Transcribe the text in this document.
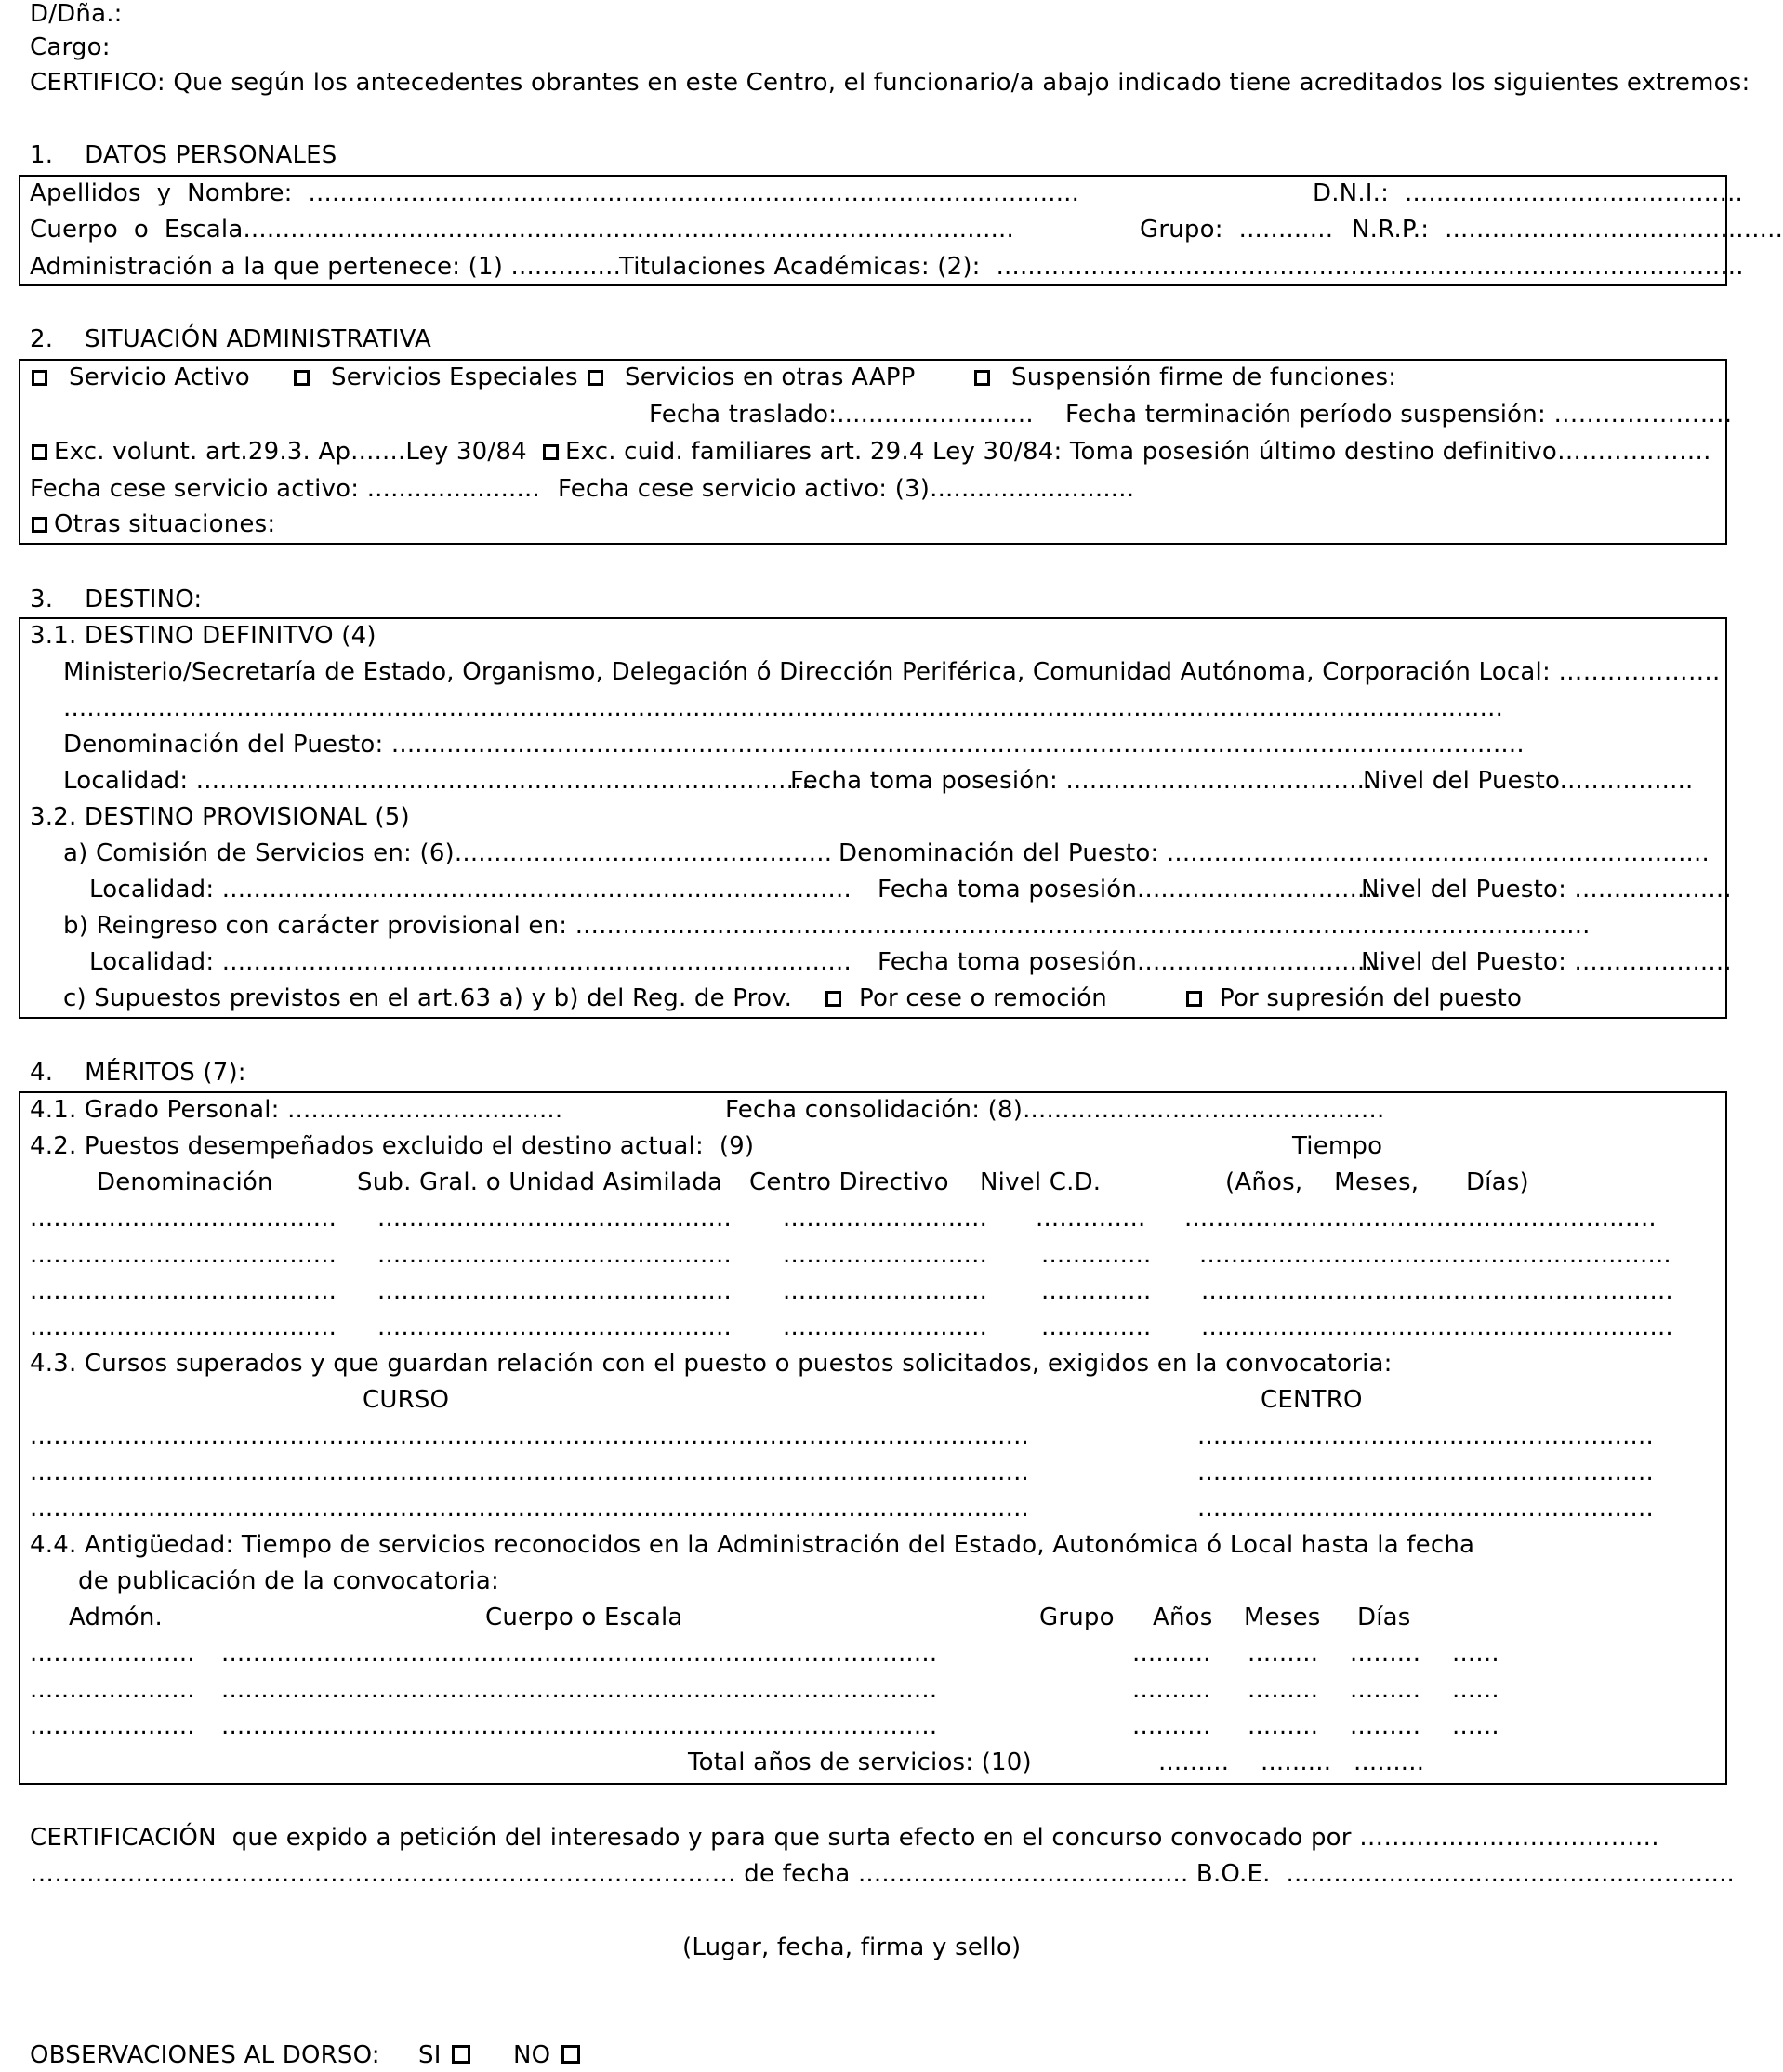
D/Dña.:
Cargo:
CERTIFICO: Que según los antecedentes obrantes en este Centro, el funcionario/a abajo indicado tiene acreditados los siguientes extremos:
1.    DATOS PERSONALES
Apellidos  y  Nombre:  ..................................................................................................	D.N.I.:  ...........................................
Cuerpo  o  Escala..................................................................................................	Grupo:  ............ N.R.P.:  ...........................................
Administración a la que pertenece: (1) ..............
Titulaciones Académicas: (2):  ...............................................................................................
2.    SITUACIÓN ADMINISTRATIVA
Servicio Activo	Servicios Especiales Servicios en otras AAPP	Suspensión firme de funciones:
Fecha traslado:......................... Fecha terminación período suspensión: ………………….
Exc. volunt. art.29.3. Ap.......Ley 30/84 Exc. cuid. familiares art. 29.4 Ley 30/84: Toma posesión último destino definitivo……………….
Fecha cese servicio activo: ...................... Fecha cese servicio activo: (3)..........................
Otras situaciones:
3.    DESTINO:
3.1. DESTINO DEFINITVO (4)
Ministerio/Secretaría de Estado, Organismo, Delegación ó Dirección Periférica, Comunidad Autónoma, Corporación Local: ……….……….
.......................................................................................................................................................................................
Denominación del Puesto: ................................................................................................................................................
Localidad: ...............................................................................
Fecha toma posesión: ........................................
Nivel del Puesto.................
3.2. DESTINO PROVISIONAL (5)
a) Comisión de Servicios en: (6)................................................ Denominación del Puesto: .....................................................................
Localidad: ................................................................................ Fecha toma posesión...............................
Nivel del Puesto: ....................
b) Reingreso con carácter provisional en: .................................................................................................................................
Localidad: ................................................................................ Fecha toma posesión...............................
Nivel del Puesto: ....................
c) Supuestos previstos en el art.63 a) y b) del Reg. de Prov.	Por cese o remoción	Por supresión del puesto
4.    MÉRITOS (7):
4.1. Grado Personal: ...................................	Fecha consolidación: (8)..............................................
4.2. Puestos desempeñados excluido el destino actual:  (9)	Tiempo
Denominación	Sub. Gral. o Unidad Asimilada Centro Directivo Nivel C.D.	(Años,    Meses,      Días)
....................................... ............................................. .......................... .............. ............................................................
....................................... ............................................. .......................... .............. ............................................................
....................................... ............................................. .......................... .............. ............................................................
....................................... ............................................. .......................... .............. ............................................................
4.3. Cursos superados y que guardan relación con el puesto o puestos solicitados, exigidos en la convocatoria:
CURSO	CENTRO
...............................................................................................................................	..........................................................
...............................................................................................................................	..........................................................
...............................................................................................................................	..........................................................
4.4. Antigüedad: Tiempo de servicios reconocidos en la Administración del Estado, Autonómica ó Local hasta la fecha
de publicación de la convocatoria:
Admón.	Cuerpo o Escala	Grupo Años Meses Días
..................... ...........................................................................................	.......... ......... ......... ......
..................... ...........................................................................................	.......... ......... ......... ......
..................... ...........................................................................................	.......... ......... ......... ......
Total años de servicios: (10)	......... ......... .........
CERTIFICACIÓN  que expido a petición del interesado y para que surta efecto en el concurso convocado por ……………………….………
…………………………………………………………………………… de fecha .......................................... B.O.E.  .........................................................
(Lugar, fecha, firma y sello)
OBSERVACIONES AL DORSO: SI	NO
